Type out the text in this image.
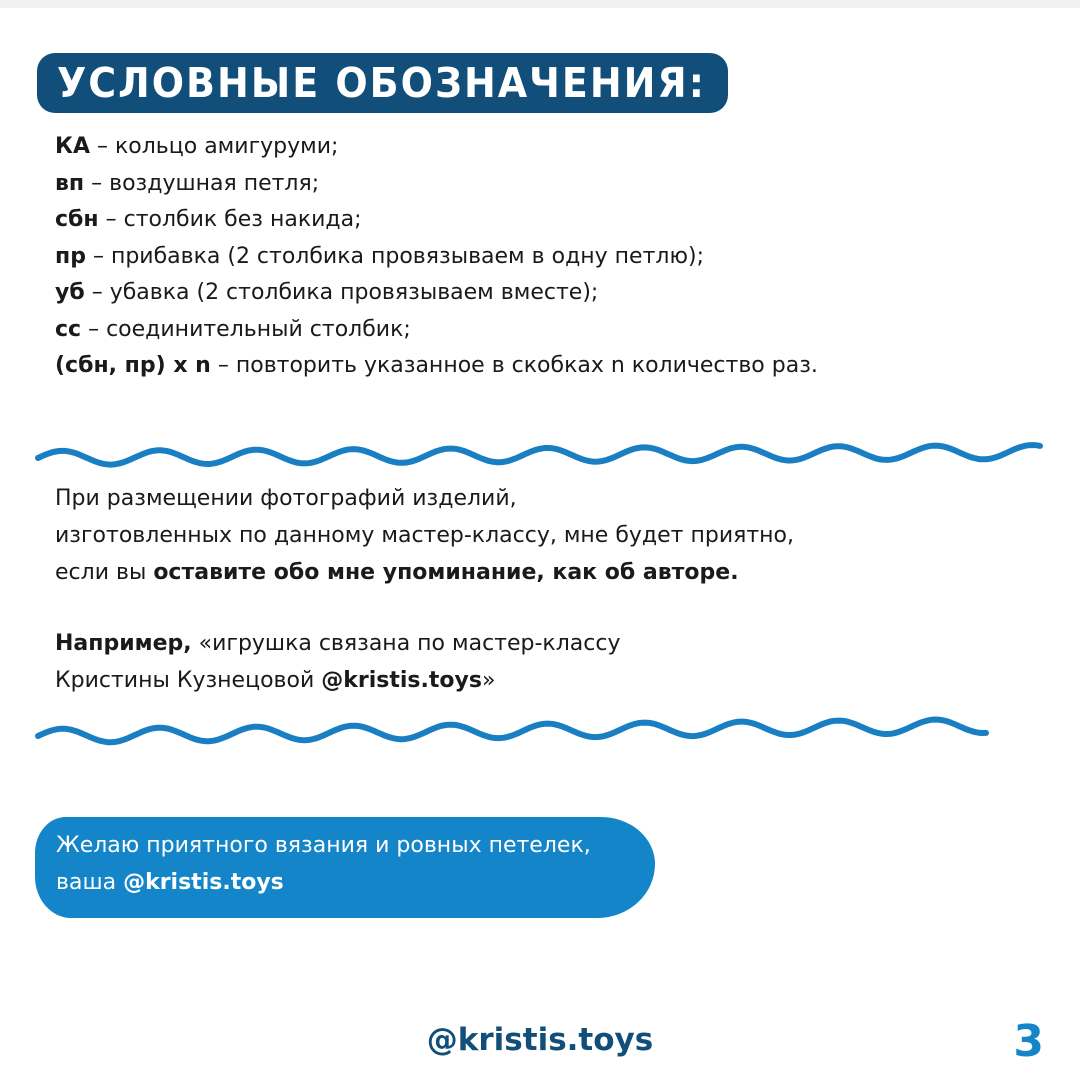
УСЛОВНЫЕ ОБОЗНАЧЕНИЯ:
КА – кольцо амигуруми;
вп – воздушная петля;
сбн – столбик без накида;
пр – прибавка (2 столбика провязываем в одну петлю);
уб – убавка (2 столбика провязываем вместе);
сс – соединительный столбик;
(сбн, пр) х n – повторить указанное в скобках n количество раз.
При размещении фотографий изделий,
изготовленных по данному мастер-классу, мне будет приятно,
если вы оставите обо мне упоминание, как об авторе.
Например, «игрушка связана по мастер-классу
Кристины Кузнецовой @kristis.toys»
Желаю приятного вязания и ровных петелек,
ваша @kristis.toys
@kristis.toys	3
